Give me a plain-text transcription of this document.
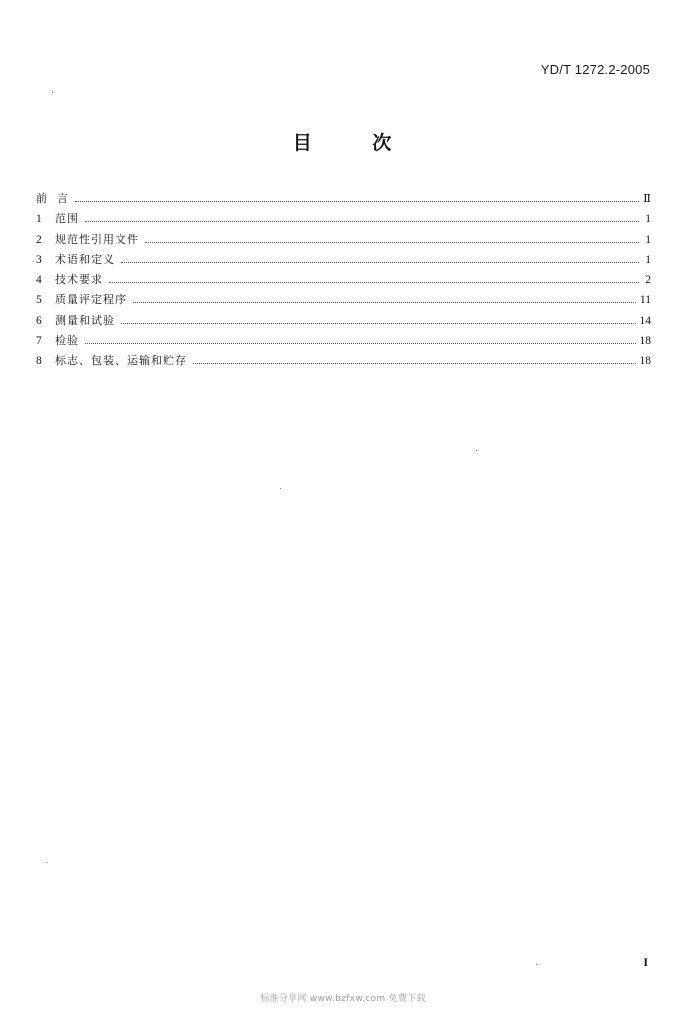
YD/T 1272.2-2005
目 次
前 言	Ⅱ
1	范围	1
2	规范性引用文件	1
3	术语和定义	1
4	技术要求	2
5	质量评定程序	11
6	测量和试验	14
7	检验	18
8	标志、包装、运输和贮存	18
I
标准分享网 www.bzfxw.com 免费下载
